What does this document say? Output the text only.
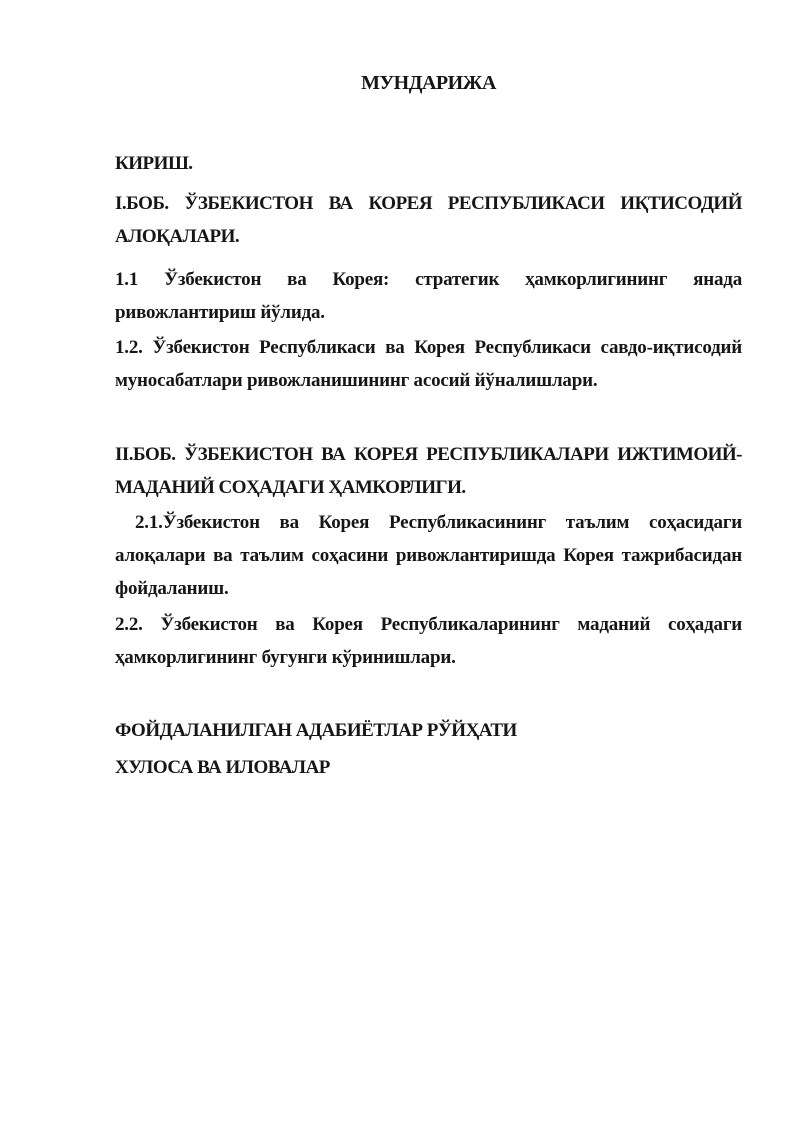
МУНДАРИЖА
КИРИШ.
I.БОБ. ЎЗБЕКИСТОН ВА КОРЕЯ РЕСПУБЛИКАСИ ИҚТИСОДИЙ
АЛОҚАЛАРИ.
1.1 Ўзбекистон ва Корея: стратегик ҳамкорлигининг янада
ривожлантириш йўлида.
1.2. Ўзбекистон Республикаси ва Корея Республикаси савдо-иқтисодий
муносабатлари ривожланишининг асосий йўналишлари.
II.БОБ. ЎЗБЕКИСТОН ВА КОРЕЯ РЕСПУБЛИКАЛАРИ ИЖТИМОИЙ-
МАДАНИЙ СОҲАДАГИ ҲАМКОРЛИГИ.
2.1.Ўзбекистон ва Корея Республикасининг таълим соҳасидаги
алоқалари ва таълим соҳасини ривожлантиришда Корея тажрибасидан
фойдаланиш.
2.2. Ўзбекистон ва Корея Республикаларининг маданий соҳадаги
ҳамкорлигининг бугунги кўринишлари.
ФОЙДАЛАНИЛГАН АДАБИЁТЛАР РЎЙҲАТИ
ХУЛОСА ВА ИЛОВАЛАР
